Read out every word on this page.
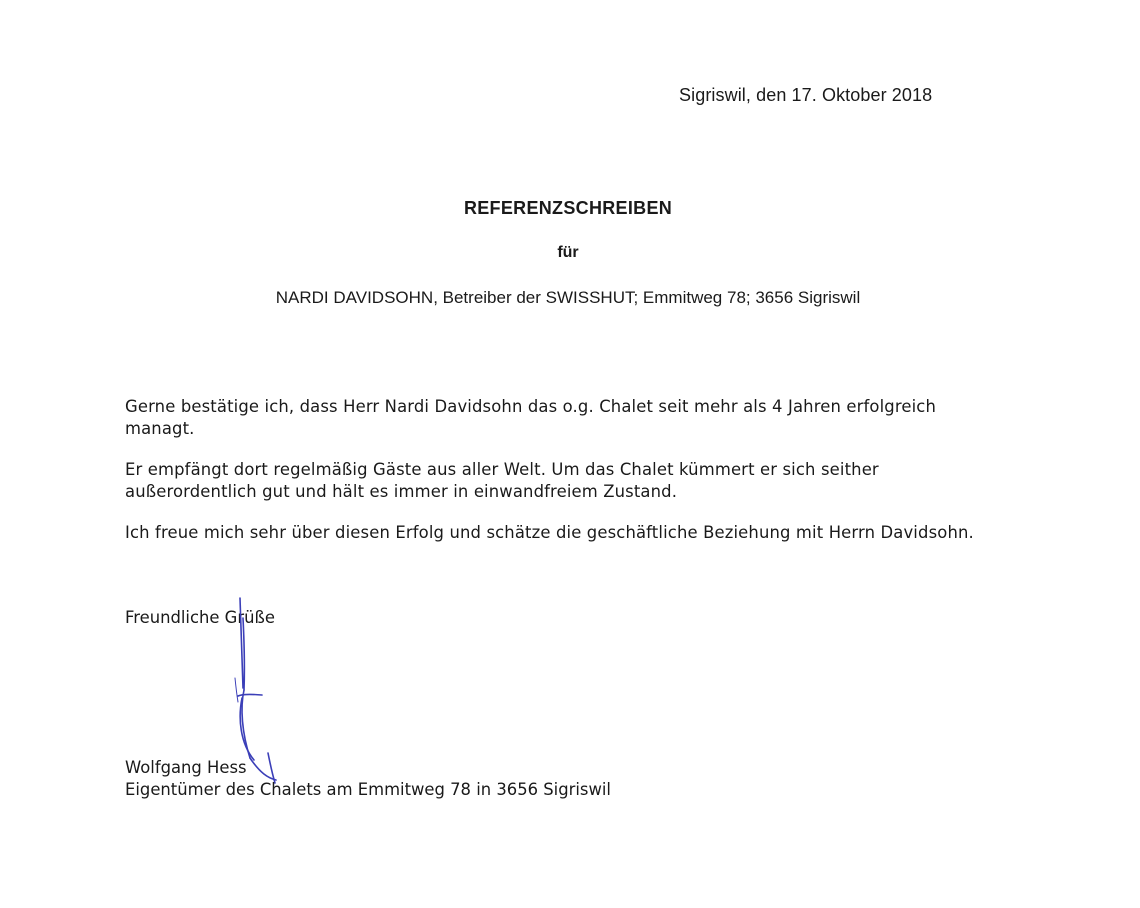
Sigriswil, den 17. Oktober 2018
REFERENZSCHREIBEN
für
NARDI DAVIDSOHN, Betreiber der SWISSHUT; Emmitweg 78; 3656 Sigriswil
Gerne bestätige ich, dass Herr Nardi Davidsohn das o.g. Chalet seit mehr als 4 Jahren erfolgreich managt.
Er empfängt dort regelmäßig Gäste aus aller Welt. Um das Chalet kümmert er sich seither außerordentlich gut und hält es immer in einwandfreiem Zustand.
Ich freue mich sehr über diesen Erfolg und schätze die geschäftliche Beziehung mit Herrn Davidsohn.
Freundliche Grüße
Wolfgang Hess
Eigentümer des Chalets am Emmitweg 78 in 3656 Sigriswil
